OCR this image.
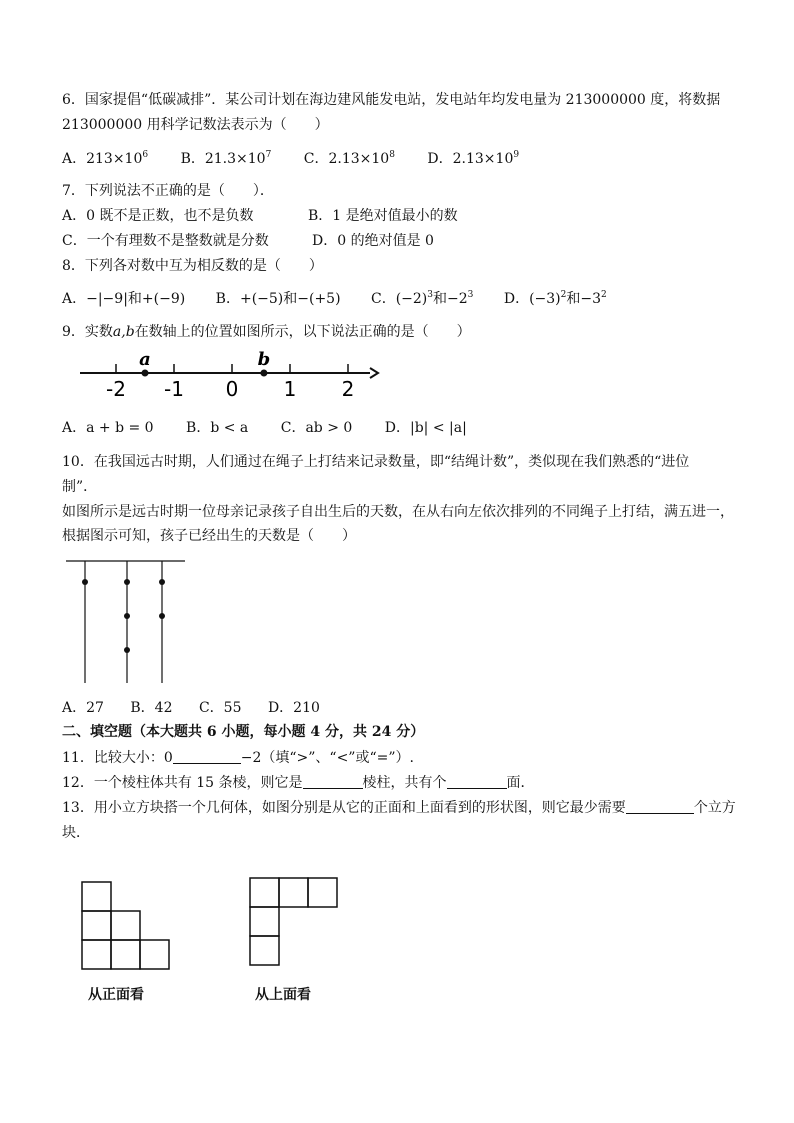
6．国家提倡“低碳减排”．某公司计划在海边建风能发电站，发电站年均发电量为 213000000 度，将数据
213000000 用科学记数法表示为（　　）
A．$213\times 10^6$ B．$21.3\times 10^7$ C．$2.13\times 10^8$ D．$2.13\times 10^9$
7．下列说法不正确的是（　　）．
A．0 既不是正数，也不是负数	B．1 是绝对值最小的数
C．一个有理数不是整数就是分数	D．0 的绝对值是 0
8．下列各对数中互为相反数的是（　　）
A．−|−9|和+(−9) B．+(−5)和−(+5) C．$(-2)^3$和$-2^3$ D．$(-3)^2$和$-3^2$
9．实数a,b在数轴上的位置如图所示，以下说法正确的是（　　）
-2 -1 0 1 2
a	b
A．a + b = 0 B．b < a C．ab > 0 D．|b| < |a|
10．在我国远古时期，人们通过在绳子上打结来记录数量，即“结绳计数”，类似现在我们熟悉的“进位
制”．
如图所示是远古时期一位母亲记录孩子自出生后的天数，在从右向左依次排列的不同绳子上打结，满五进一，
根据图示可知，孩子已经出生的天数是（　　）
A．27 B．42 C．55 D．210
二、填空题（本大题共 6 小题，每小题 4 分，共 24 分）
11．比较大小：0	−2（填“>”、“<”或“=”）.
12．一个棱柱体共有 15 条棱，则它是	棱柱，共有个	面．
13．用小立方块搭一个几何体，如图分别是从它的正面和上面看到的形状图，则它最少需要	个立方
块．
从正面看	从上面看
